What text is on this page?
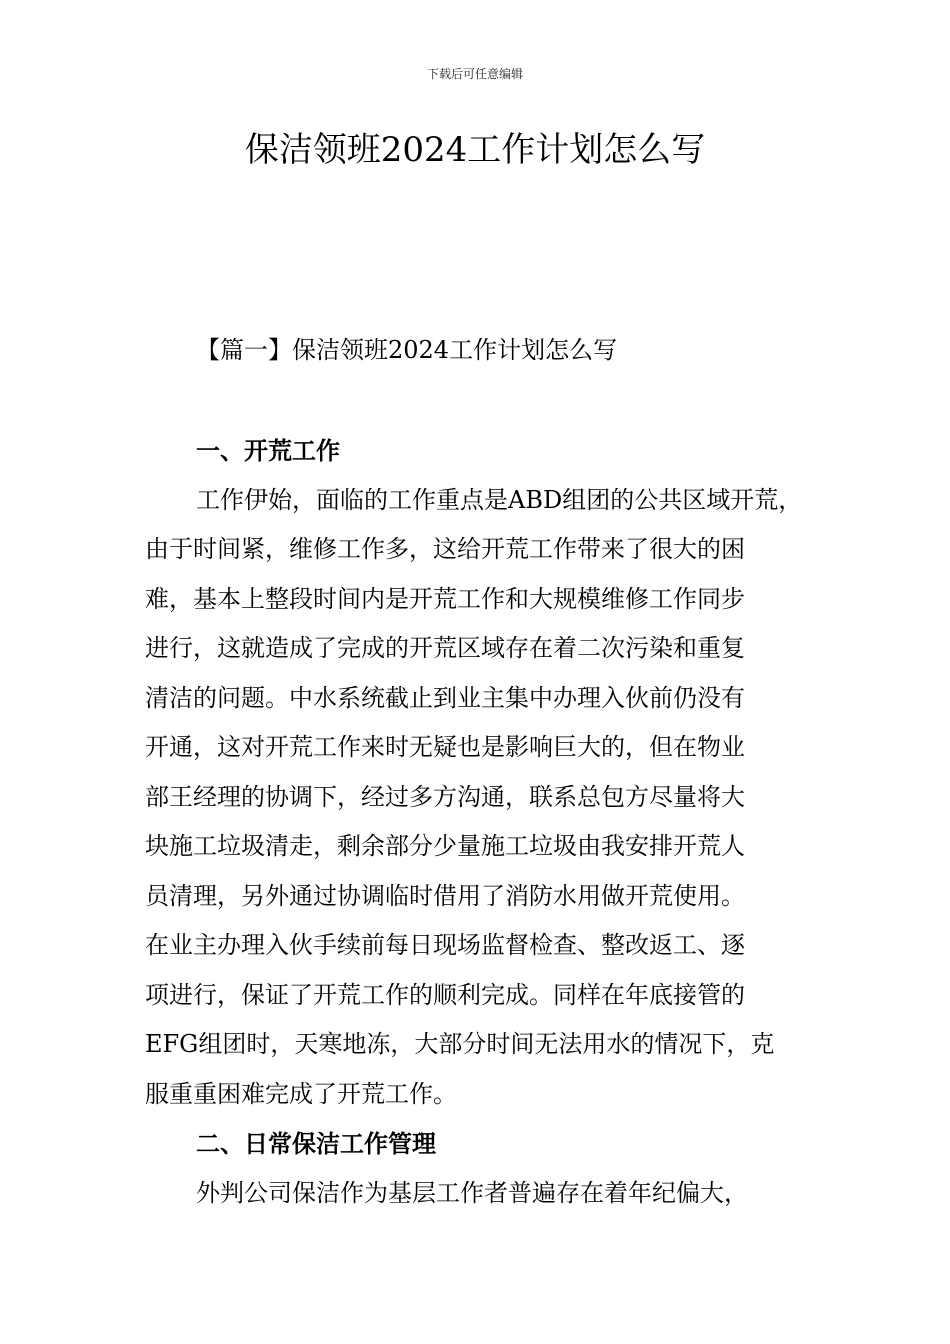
下载后可任意编辑
保洁领班2024工作计划怎么写
【篇一】保洁领班2024工作计划怎么写
一、开荒工作
工作伊始，面临的工作重点是ABD组团的公共区域开荒，
由于时间紧，维修工作多，这给开荒工作带来了很大的困
难，基本上整段时间内是开荒工作和大规模维修工作同步
进行，这就造成了完成的开荒区域存在着二次污染和重复
清洁的问题。中水系统截止到业主集中办理入伙前仍没有
开通，这对开荒工作来时无疑也是影响巨大的，但在物业
部王经理的协调下，经过多方沟通，联系总包方尽量将大
块施工垃圾清走，剩余部分少量施工垃圾由我安排开荒人
员清理，另外通过协调临时借用了消防水用做开荒使用。
在业主办理入伙手续前每日现场监督检查、整改返工、逐
项进行，保证了开荒工作的顺利完成。同样在年底接管的
EFG组团时，天寒地冻，大部分时间无法用水的情况下，克
服重重困难完成了开荒工作。
二、日常保洁工作管理
外判公司保洁作为基层工作者普遍存在着年纪偏大，
